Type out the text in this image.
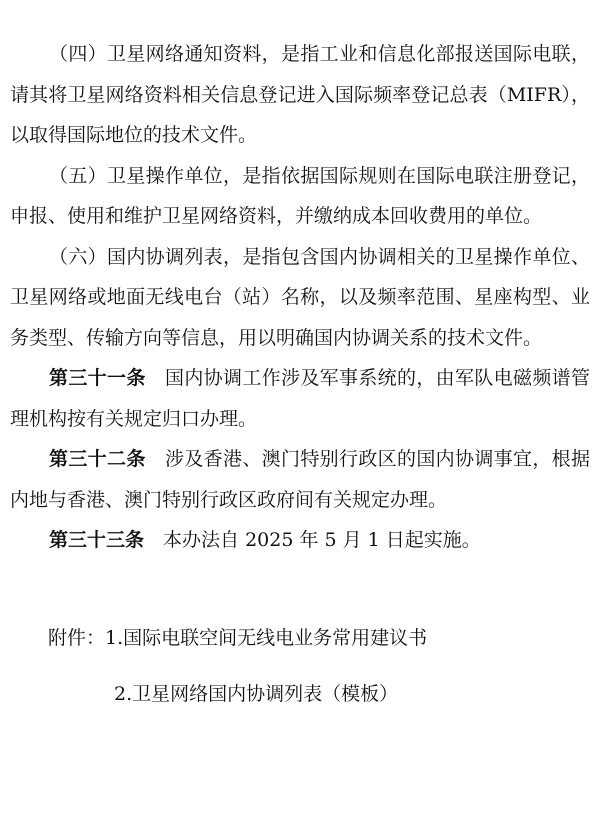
（四）卫星网络通知资料，是指工业和信息化部报送国际电联，请其将卫星网络资料相关信息登记进入国际频率登记总表（MIFR），以取得国际地位的技术文件。

（五）卫星操作单位，是指依据国际规则在国际电联注册登记，申报、使用和维护卫星网络资料，并缴纳成本回收费用的单位。

（六）国内协调列表，是指包含国内协调相关的卫星操作单位、卫星网络或地面无线电台（站）名称，以及频率范围、星座构型、业务类型、传输方向等信息，用以明确国内协调关系的技术文件。

第三十一条　 国内协调工作涉及军事系统的，由军队电磁频谱管理机构按有关规定归口办理。

第三十二条　 涉及香港、澳门特别行政区的国内协调事宜，根据内地与香港、澳门特别行政区政府间有关规定办理。

第三十三条　 本办法自 2025 年 5 月 1 日起实施。

附件：1.国际电联空间无线电业务常用建议书

2.卫星网络国内协调列表（模板）
